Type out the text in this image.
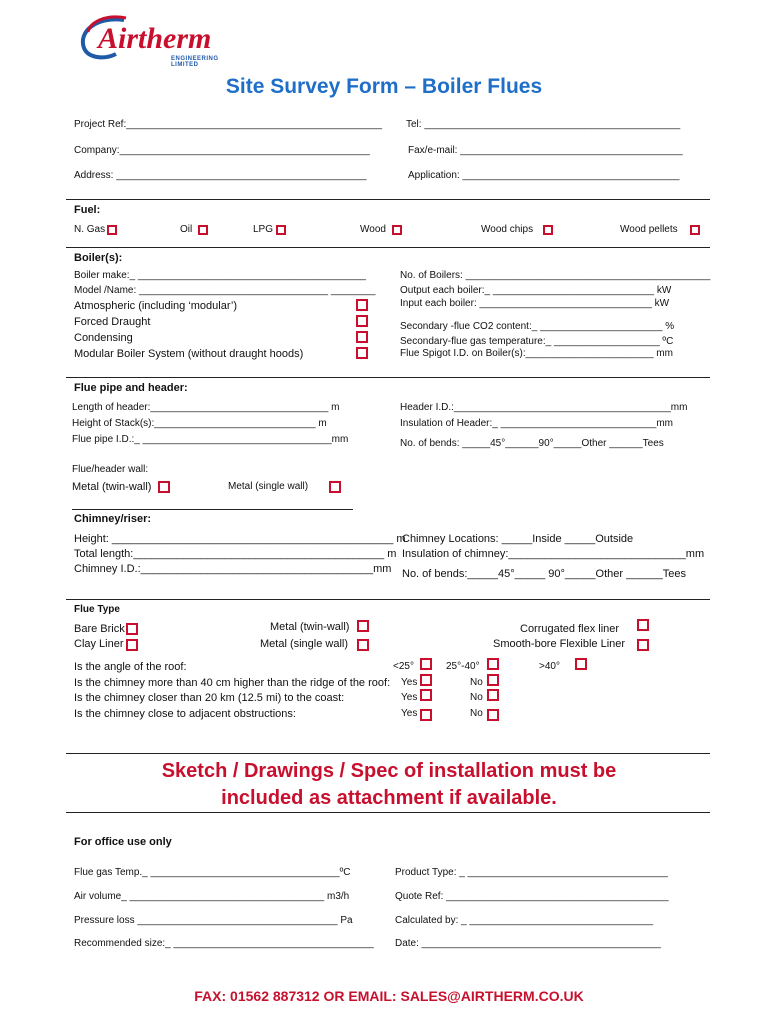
Airtherm
ENGINEERING LIMITED
Site Survey Form – Boiler Flues
Project Ref:______________________________________________ Tel: ______________________________________________
Company:_____________________________________________	Fax/e-mail: ________________________________________
Address: _____________________________________________	Application: _______________________________________
Fuel:
N. Gas	Oil	LPG	Wood	Wood chips	Wood pellets
Boiler(s):
Boiler make:_ _________________________________________
Model /Name: __________________________________ ________
Atmospheric (including ‘modular’)
Forced Draught
Condensing
Modular Boiler System (without draught hoods)
No. of Boilers: ____________________________________________
Output each boiler:_ _____________________________ kW
Input each boiler: _______________________________ kW
Secondary -flue CO2 content:_ ______________________ %
Secondary-flue gas temperature:_ ___________________ ºC
Flue Spigot I.D. on Boiler(s):_______________________ mm
Flue pipe and header:
Length of header:________________________________ m
Height of Stack(s):_____________________________ m
Flue pipe I.D.:_ __________________________________mm
Header I.D.:_______________________________________mm
Insulation of Header:_ ____________________________mm
No. of bends: _____45°______90°_____Other ______Tees
Flue/header wall:
Metal (twin-wall)	Metal (single wall)
Chimney/riser:
Height: ______________________________________________ m
Total length:_________________________________________ m
Chimney I.D.:______________________________________mm
Chimney Locations: _____Inside _____Outside
Insulation of chimney:_____________________________mm
No. of bends:_____45°_____ 90°_____Other ______Tees
Flue Type
Bare Brick
Clay Liner
Metal (twin-wall)
Metal (single wall)
Corrugated flex liner
Smooth-bore Flexible Liner
Is the angle of the roof:	<25°	25°-40°	>40°
Is the chimney more than 40 cm higher than the ridge of the roof: Yes	No
Is the chimney closer than 20 km (12.5 mi) to the coast:	Yes	No
Is the chimney close to adjacent obstructions:	Yes	No
Sketch / Drawings / Spec of installation must be
included as attachment if available.
For office use only
Flue gas Temp._ __________________________________ºC
Air volume_ ___________________________________ m3/h
Pressure loss ____________________________________ Pa
Recommended size:_ ____________________________________
Product Type: _ ____________________________________
Quote Ref: ________________________________________
Calculated by: _ _________________________________
Date: ___________________________________________
FAX: 01562 887312 OR EMAIL: SALES@AIRTHERM.CO.UK
